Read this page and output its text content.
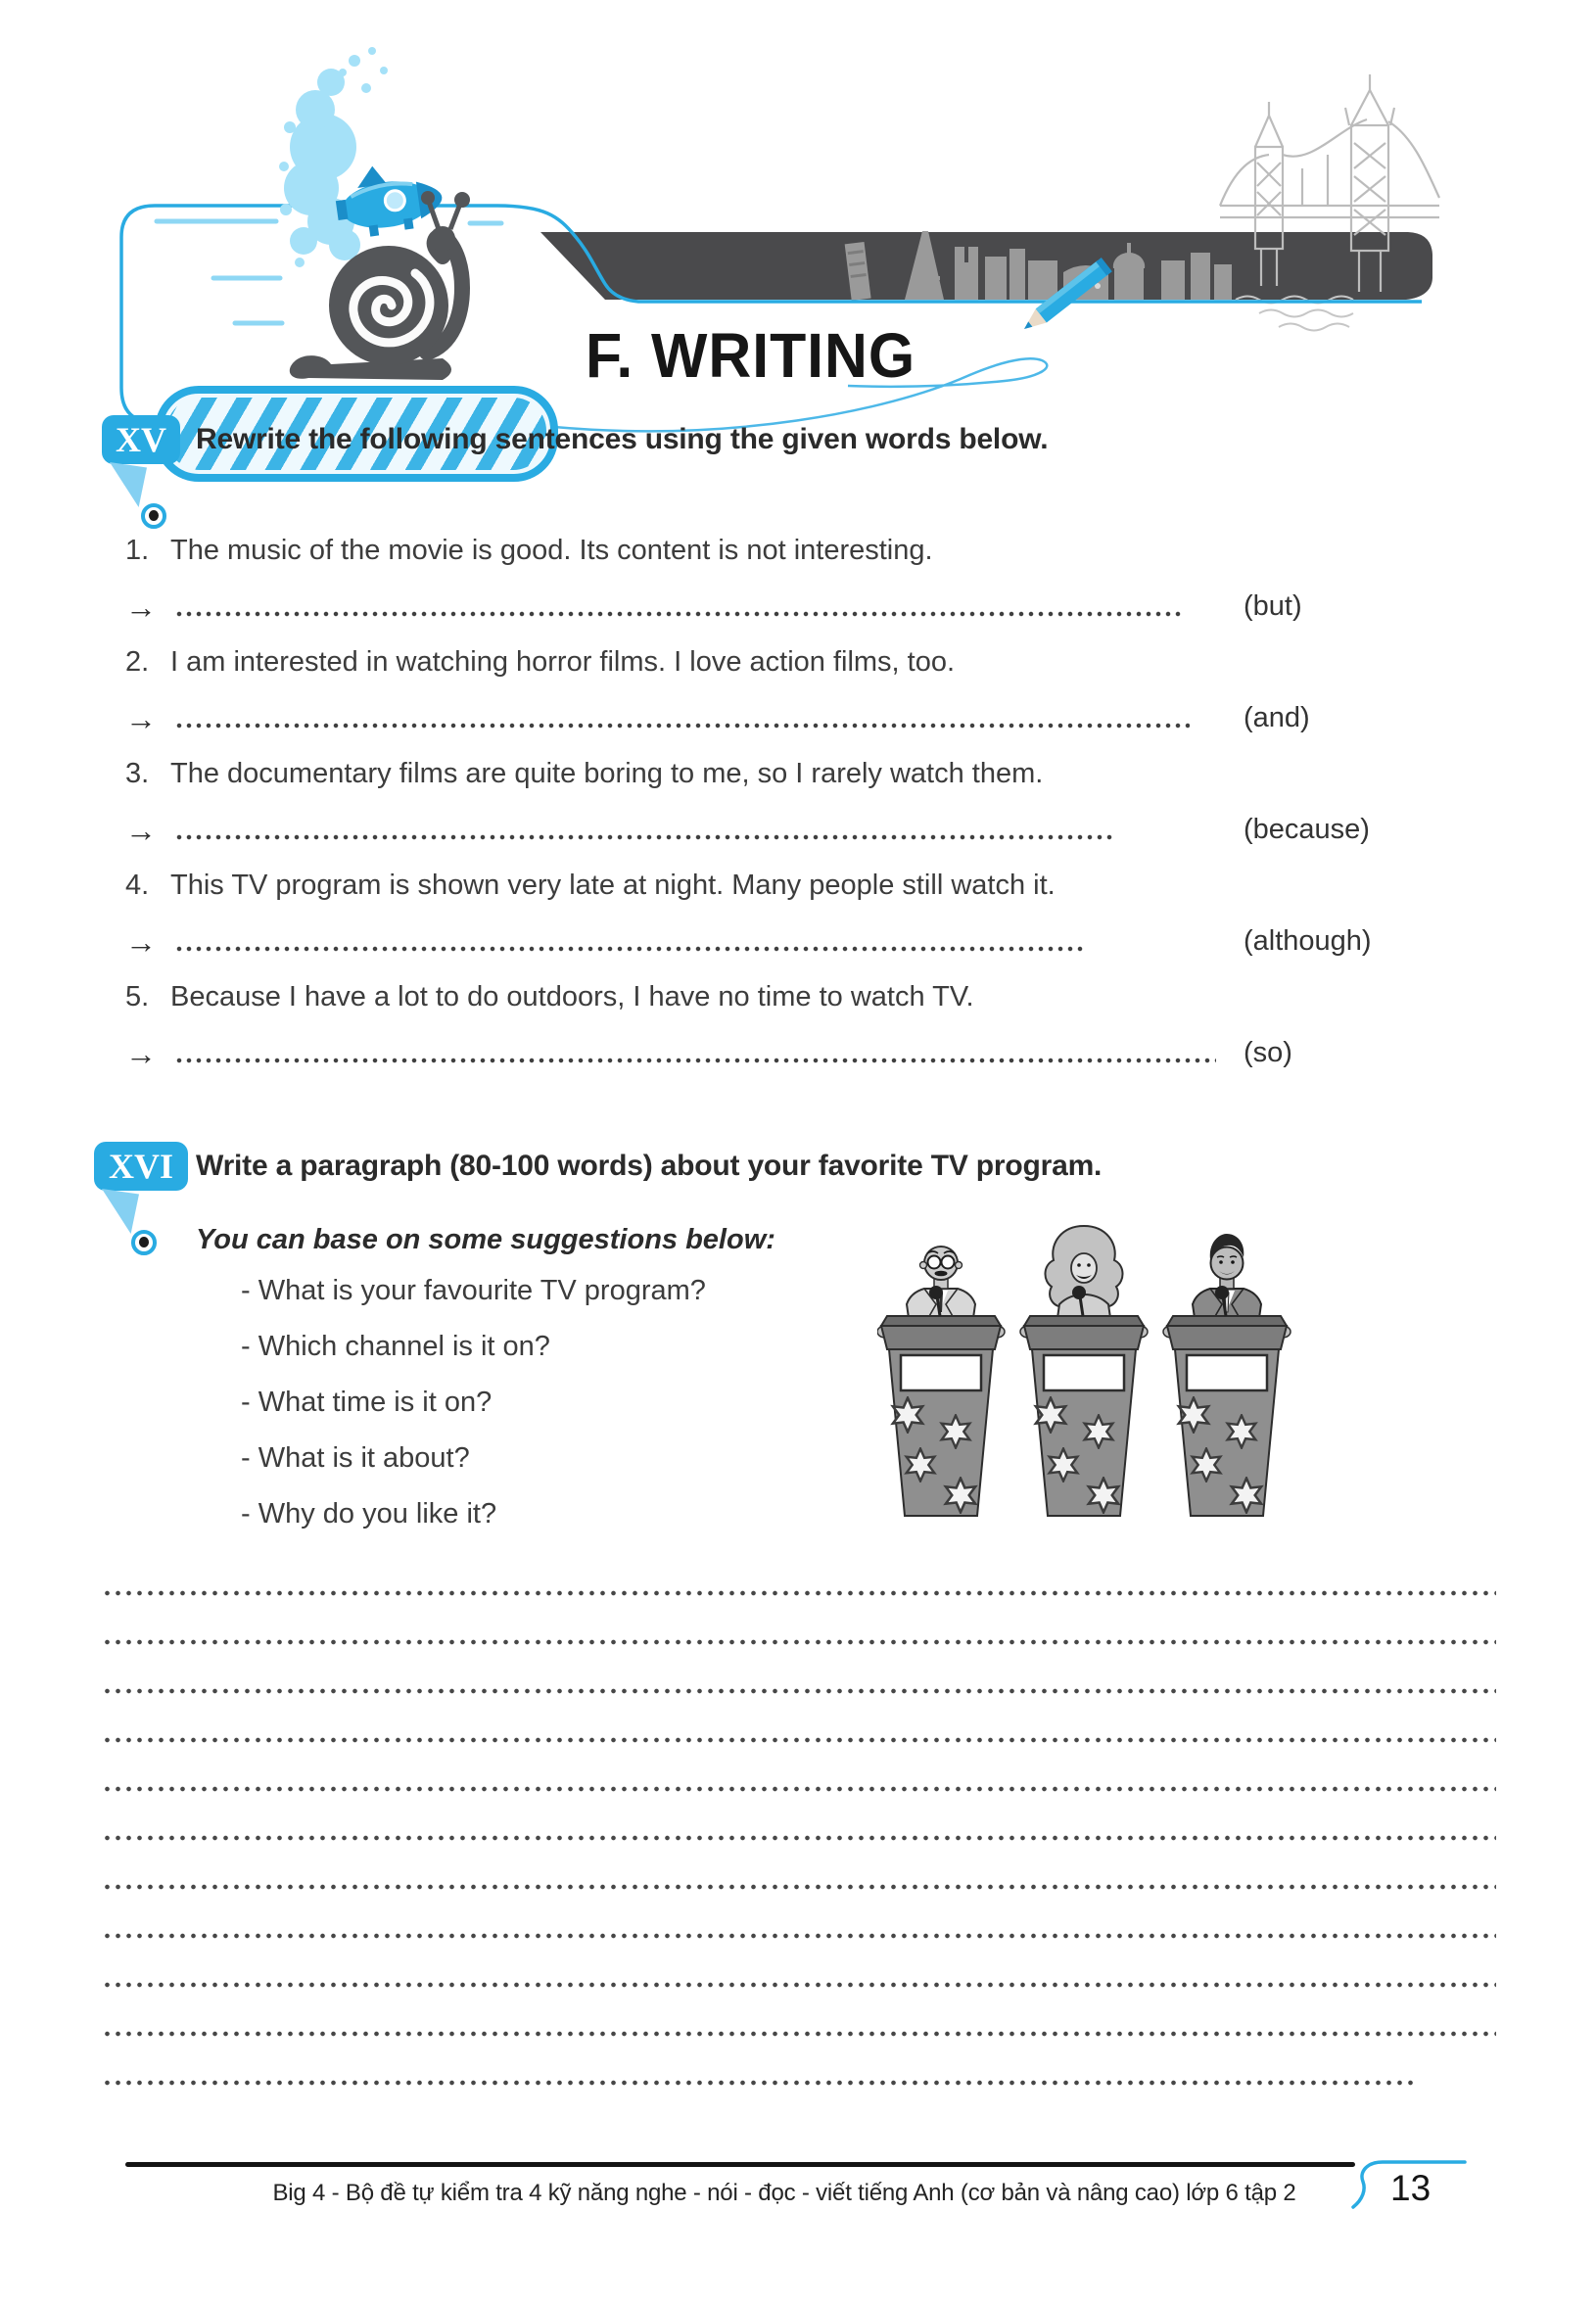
F. WRITING
XV	Rewrite the following sentences using the given words below.
1. The music of the movie is good. Its content is not interesting.
→	(but)
2. I am interested in watching horror films. I love action films, too.
→	(and)
3. The documentary films are quite boring to me, so I rarely watch them.
→	(because)
4. This TV program is shown very late at night. Many people still watch it.
→	(although)
5. Because I have a lot to do outdoors, I have no time to watch TV.
→	(so)
XVI Write a paragraph (80-100 words) about your favorite TV program.
You can base on some suggestions below:
- What is your favourite TV program?
- Which channel is it on?
- What time is it on?
- What is it about?
- Why do you like it?
Big 4 - Bộ đề tự kiểm tra 4 kỹ năng nghe - nói - đọc - viết tiếng Anh (cơ bản và nâng cao) lớp 6 tập 2	13
